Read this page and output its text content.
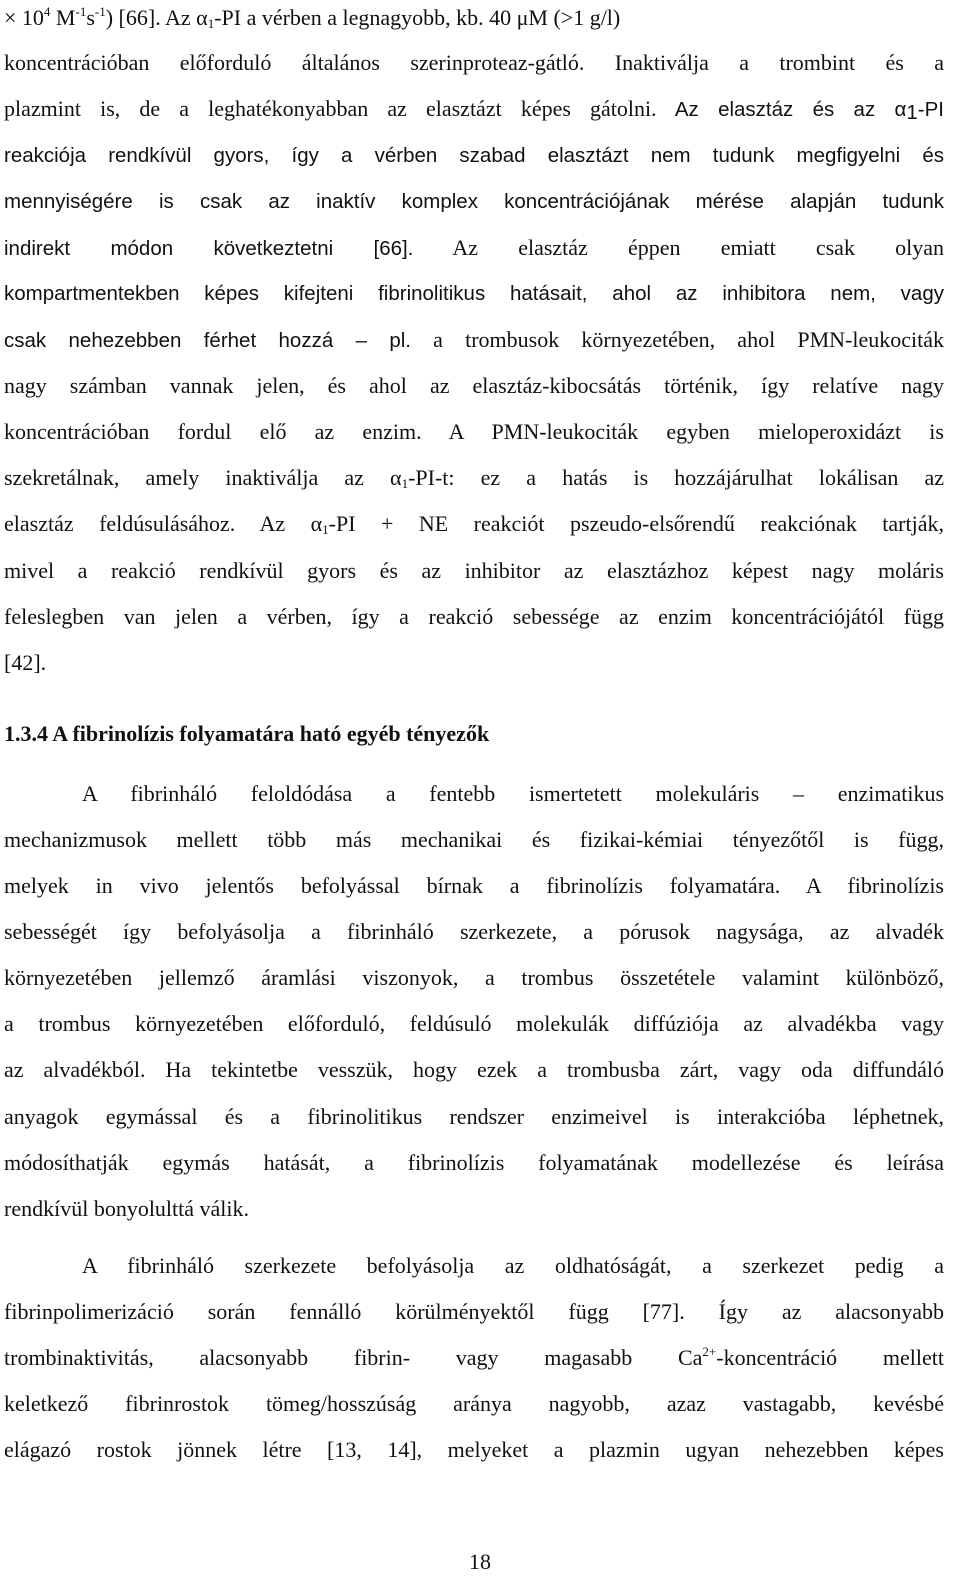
× $10^4$ $M^{-1}s^{-1}$) [66]. Az $\alpha_1-PI$ a vérben a legnagyobb, kb. 40 μM (>1 g/l)
koncentrációban előforduló általános szerinproteaz-gátló. Inaktiválja a trombint és a
plazmint is, de a leghatékonyabban az elasztázt képes gátolni. Az elasztáz és az $\alpha_1-PI$
reakciója rendkívül gyors, így a vérben szabad elasztázt nem tudunk megfigyelni és
mennyiségére is csak az inaktív komplex koncentrációjának mérése alapján tudunk
indirekt módon következtetni [66]. Az elasztáz éppen emiatt csak olyan
kompartmentekben képes kifejteni fibrinolitikus hatásait, ahol az inhibitora nem, vagy
csak nehezebben férhet hozzá – pl. a trombusok környezetében, ahol PMN-leukociták
nagy számban vannak jelen, és ahol az elasztáz-kibocsátás történik, így relatíve nagy
koncentrációban fordul elő az enzim. A PMN-leukociták egyben mieloperoxidázt is
szekretálnak, amely inaktiválja az $\alpha_1-PI-t$: ez a hatás is hozzájárulhat lokálisan az
elasztáz feldúsulásához. Az $\alpha_1-PI$ + NE reakciót pszeudo-elsőrendű reakciónak tartják,
mivel a reakció rendkívül gyors és az inhibitor az elasztázhoz képest nagy moláris
feleslegben van jelen a vérben, így a reakció sebessége az enzim koncentrációjától függ
[42].
1.3.4 A fibrinolízis folyamatára ható egyéb tényezők
A fibrinháló feloldódása a fentebb ismertetett molekuláris – enzimatikus
mechanizmusok mellett több más mechanikai és fizikai-kémiai tényezőtől is függ,
melyek in vivo jelentős befolyással bírnak a fibrinolízis folyamatára. A fibrinolízis
sebességét így befolyásolja a fibrinháló szerkezete, a pórusok nagysága, az alvadék
környezetében jellemző áramlási viszonyok, a trombus összetétele valamint különböző,
a trombus környezetében előforduló, feldúsuló molekulák diffúziója az alvadékba vagy
az alvadékból. Ha tekintetbe vesszük, hogy ezek a trombusba zárt, vagy oda diffundáló
anyagok egymással és a fibrinolitikus rendszer enzimeivel is interakcióba léphetnek,
módosíthatják egymás hatását, a fibrinolízis folyamatának modellezése és leírása
rendkívül bonyolulttá válik.
A fibrinháló szerkezete befolyásolja az oldhatóságát, a szerkezet pedig a
fibrinpolimerizáció során fennálló körülményektől függ [77]. Így az alacsonyabb
trombinaktivitás, alacsonyabb fibrin- vagy magasabb $Ca^{2+}$-koncentráció mellett
keletkező fibrinrostok tömeg/hosszúság aránya nagyobb, azaz vastagabb, kevésbé
elágazó rostok jönnek létre [13, 14], melyeket a plazmin ugyan nehezebben képes
18
